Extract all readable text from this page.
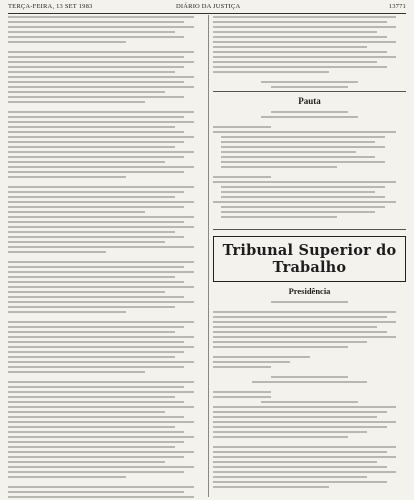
TERÇA-FEIRA, 13 SET 1983	DIÁRIO DA JUSTIÇA	13771
Pauta
Tribunal Superior do Trabalho
Presidência
